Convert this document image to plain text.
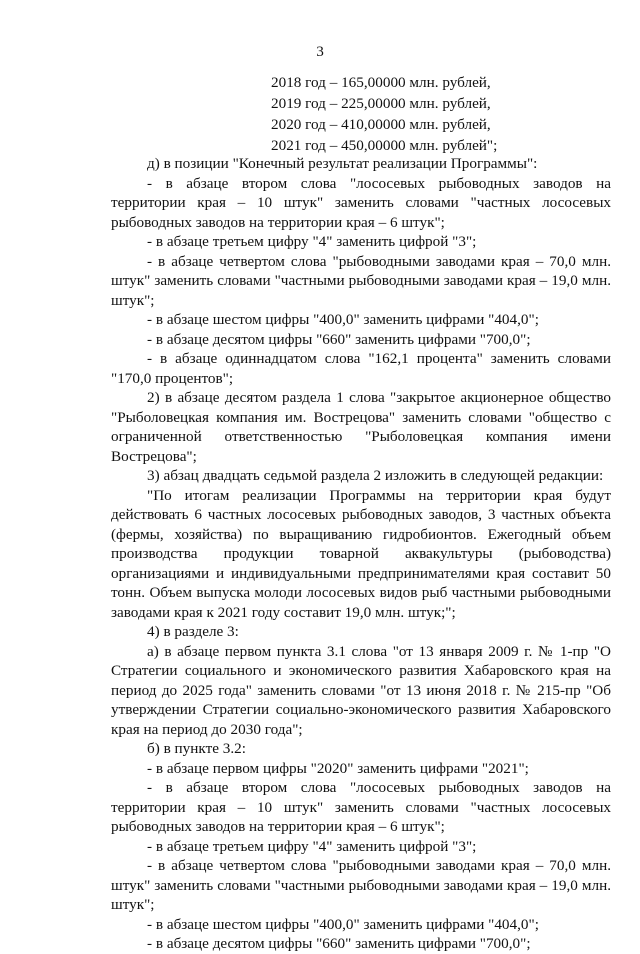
3
2018 год – 165,00000 млн. рублей,
2019 год – 225,00000 млн. рублей,
2020 год – 410,00000 млн. рублей,
2021 год – 450,00000 млн. рублей";

д) в позиции "Конечный результат реализации Программы":

- в абзаце втором слова "лососевых рыбоводных заводов на территории края – 10 штук" заменить словами "частных лососевых рыбоводных заводов на территории края – 6 штук";

- в абзаце третьем цифру "4" заменить цифрой "3";

- в абзаце четвертом слова "рыбоводными заводами края – 70,0 млн. штук" заменить словами "частными рыбоводными заводами края – 19,0 млн. штук";

- в абзаце шестом цифры "400,0" заменить цифрами "404,0";

- в абзаце десятом цифры "660" заменить цифрами "700,0";

- в абзаце одиннадцатом слова "162,1 процента" заменить словами "170,0 процентов";

2) в абзаце десятом раздела 1 слова "закрытое акционерное общество "Рыболовецкая компания им. Вострецова" заменить словами "общество с ограниченной ответственностью "Рыболовецкая компания имени Вострецова";

3) абзац двадцать седьмой раздела 2 изложить в следующей редакции:

"По итогам реализации Программы на территории края будут действовать 6 частных лососевых рыбоводных заводов, 3 частных объекта (фермы, хозяйства) по выращиванию гидробионтов. Ежегодный объем производства продукции товарной аквакультуры (рыбоводства) организациями и индивидуальными предпринимателями края составит 50 тонн. Объем выпуска молоди лососевых видов рыб частными рыбоводными заводами края к 2021 году составит 19,0 млн. штук;";

4) в разделе 3:

а) в абзаце первом пункта 3.1 слова "от 13 января 2009 г. № 1-пр "О Стратегии социального и экономического развития Хабаровского края на период до 2025 года" заменить словами "от 13 июня 2018 г. № 215-пр "Об утверждении Стратегии социально-экономического развития Хабаровского края на период до 2030 года";

б) в пункте 3.2:

- в абзаце первом цифры "2020" заменить цифрами "2021";

- в абзаце втором слова "лососевых рыбоводных заводов на территории края – 10 штук" заменить словами "частных лососевых рыбоводных заводов на территории края – 6 штук";

- в абзаце третьем цифру "4" заменить цифрой "3";

- в абзаце четвертом слова "рыбоводными заводами края – 70,0 млн. штук" заменить словами "частными рыбоводными заводами края – 19,0 млн. штук";

- в абзаце шестом цифры "400,0" заменить цифрами "404,0";

- в абзаце десятом цифры "660" заменить цифрами "700,0";
